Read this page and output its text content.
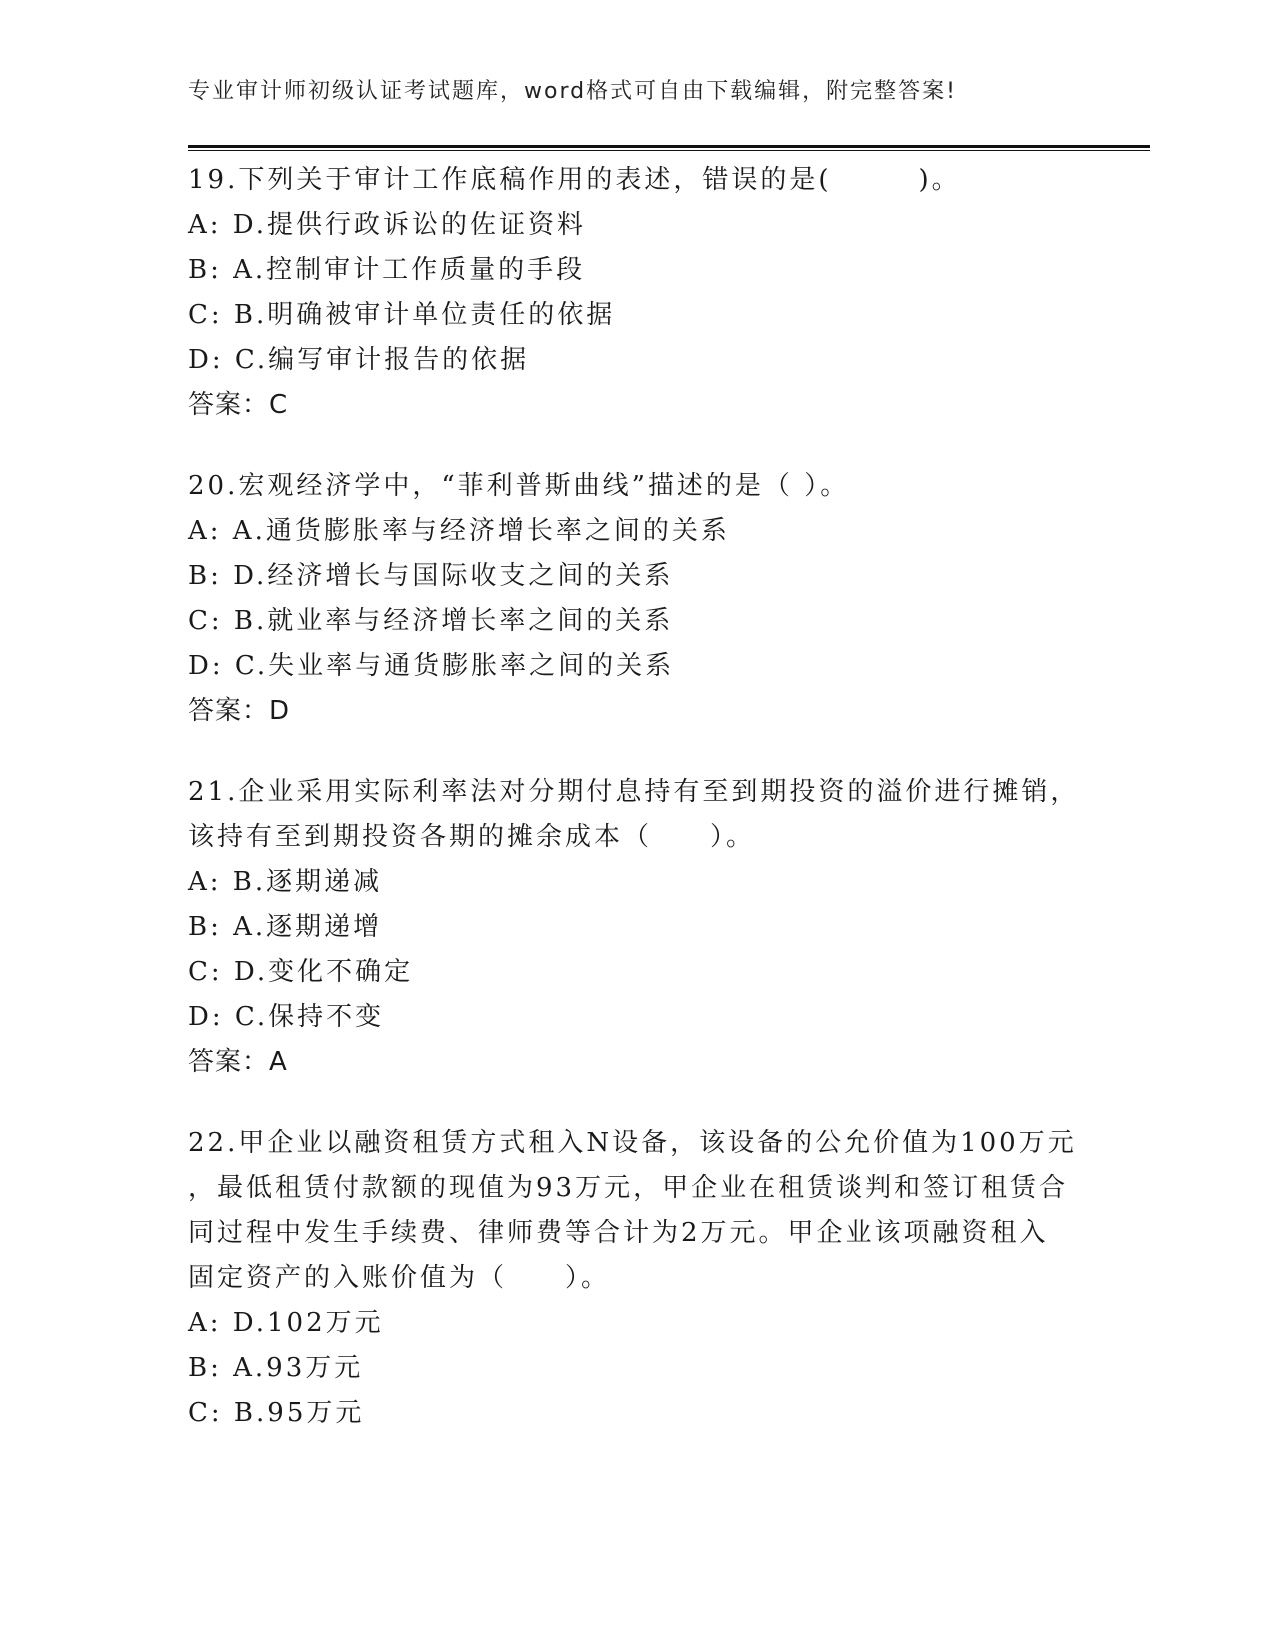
专业审计师初级认证考试题库，word格式可自由下载编辑，附完整答案!
19.下列关于审计工作底稿作用的表述，错误的是(　　　)。
A: D.提供行政诉讼的佐证资料
B: A.控制审计工作质量的手段
C: B.明确被审计单位责任的依据
D: C.编写审计报告的依据
答案：C
20.宏观经济学中，“菲利普斯曲线”描述的是（ ）。
A: A.通货膨胀率与经济增长率之间的关系
B: D.经济增长与国际收支之间的关系
C: B.就业率与经济增长率之间的关系
D: C.失业率与通货膨胀率之间的关系
答案：D
21.企业采用实际利率法对分期付息持有至到期投资的溢价进行摊销，
该持有至到期投资各期的摊余成本（　　）。
A: B.逐期递减
B: A.逐期递增
C: D.变化不确定
D: C.保持不变
答案：A
22.甲企业以融资租赁方式租入N设备，该设备的公允价值为100万元
，最低租赁付款额的现值为93万元，甲企业在租赁谈判和签订租赁合
同过程中发生手续费、律师费等合计为2万元。甲企业该项融资租入
固定资产的入账价值为（　　）。
A: D.102万元
B: A.93万元
C: B.95万元
